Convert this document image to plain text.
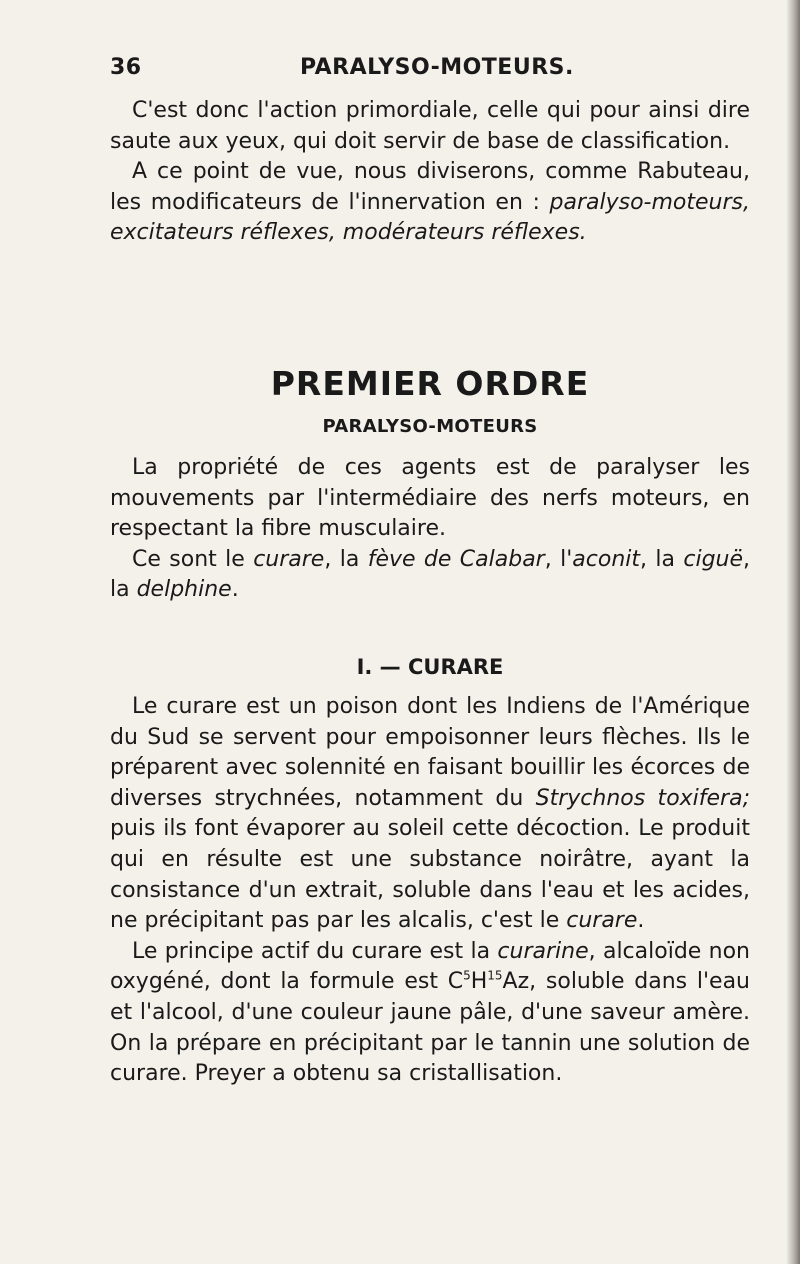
36	PARALYSO-MOTEURS.

C'est donc l'action primordiale, celle qui pour ainsi dire saute aux yeux, qui doit servir de base de classification.

A ce point de vue, nous diviserons, comme Rabuteau, les modificateurs de l'innervation en : paralyso-moteurs, excitateurs réflexes, modérateurs réflexes.

PREMIER ORDRE
PARALYSO-MOTEURS

La propriété de ces agents est de paralyser les mouvements par l'intermédiaire des nerfs moteurs, en respectant la fibre musculaire.

Ce sont le curare, la fève de Calabar, l'aconit, la ciguë, la delphine.

I. — CURARE

Le curare est un poison dont les Indiens de l'Amérique du Sud se servent pour empoisonner leurs flèches. Ils le préparent avec solennité en faisant bouillir les écorces de diverses strychnées, notamment du Strychnos toxifera; puis ils font évaporer au soleil cette décoction. Le produit qui en résulte est une substance noirâtre, ayant la consistance d'un extrait, soluble dans l'eau et les acides, ne précipitant pas par les alcalis, c'est le curare.

Le principe actif du curare est la curarine, alcaloïde non oxygéné, dont la formule est $C^5H^{15}Az$, soluble dans l'eau et l'alcool, d'une couleur jaune pâle, d'une saveur amère. On la prépare en précipitant par le tannin une solution de curare. Preyer a obtenu sa cristallisation.
